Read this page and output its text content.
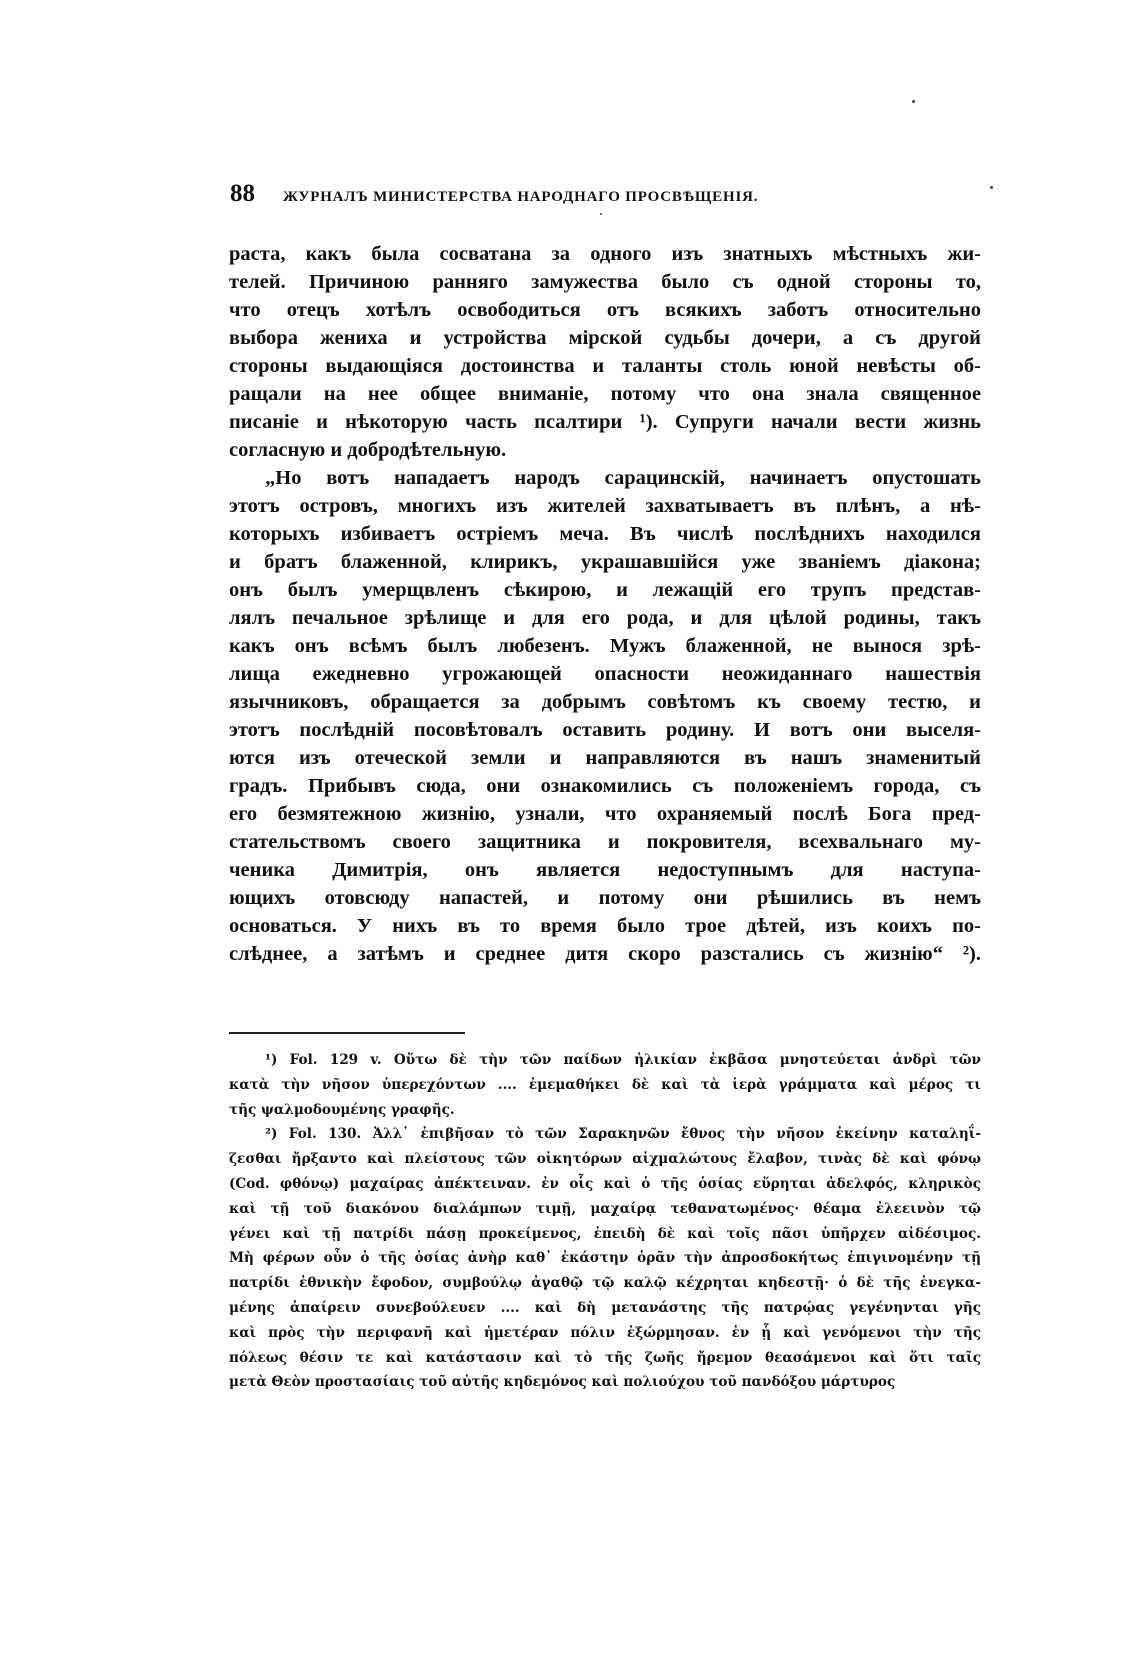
88 ЖУРНАЛЪ МИНИСТЕРСТВА НАРОДНАГО ПРОСВѢЩЕНІЯ.
раста, какъ была сосватана за одного изъ знатныхъ мѣстныхъ жи-
телей. Причиною ранняго замужества было съ одной стороны то,
что отецъ хотѣлъ освободиться отъ всякихъ заботъ относительно
выбора жениха и устройства мірской судьбы дочери, а съ другой
стороны выдающіяся достоинства и таланты столь юной невѣсты об-
ращали на нее общее вниманіе, потому что она знала священное
писаніе и нѣкоторую часть псалтири ¹). Супруги начали вести жизнь
согласную и добродѣтельную.
„Но вотъ нападаетъ народъ сарацинскій, начинаетъ опустошать
этотъ островъ, многихъ изъ жителей захватываетъ въ плѣнъ, а нѣ-
которыхъ избиваетъ остріемъ меча. Въ числѣ послѣднихъ находился
и братъ блаженной, клирикъ, украшавшійся уже званіемъ діакона;
онъ былъ умерщвленъ сѣкирою, и лежащій его трупъ представ-
лялъ печальное зрѣлище и для его рода, и для цѣлой родины, такъ
какъ онъ всѣмъ былъ любезенъ. Мужъ блаженной, не вынося зрѣ-
лища ежедневно угрожающей опасности неожиданнаго нашествія
язычниковъ, обращается за добрымъ совѣтомъ къ своему тестю, и
этотъ послѣдній посовѣтовалъ оставить родину. И вотъ они выселя-
ются изъ отеческой земли и направляются въ нашъ знаменитый
градъ. Прибывъ сюда, они ознакомились съ положеніемъ города, съ
его безмятежною жизнію, узнали, что охраняемый послѣ Бога пред-
стательствомъ своего защитника и покровителя, всехвальнаго му-
ченика Димитрія, онъ является недоступнымъ для наступа-
ющихъ отовсюду напастей, и потому они рѣшились въ немъ
основаться. У нихъ въ то время было трое дѣтей, изъ коихъ по-
слѣднее, а затѣмъ и среднее дитя скоро разстались съ жизнію“ ²).
¹) Fol. 129 v. Οὕτω δὲ τὴν τῶν παίδων ἡλικίαν ἐκβᾶσα μνηστεύεται ἀνδρὶ τῶν
κατὰ τὴν νῆσον ὑπερεχόντων .... ἐμεμαθήκει δὲ καὶ τὰ ἱερὰ γράμματα καὶ μέρος τι
τῆς ψαλμοδουμένης γραφῆς.
²) Fol. 130. Ἀλλ᾽ ἐπιβῆσαν τὸ τῶν Σαρακηνῶν ἔθνος τὴν νῆσον ἐκείνην καταληΐ-
ζεσθαι ἤρξαντο καὶ πλείστους τῶν οἰκητόρων αἰχμαλώτους ἔλαβον, τινὰς δὲ καὶ φόνῳ
(Cod. φθόνῳ) μαχαίρας ἀπέκτειναν. ἐν οἷς καὶ ὁ τῆς ὁσίας εὕρηται ἀδελφός, κληρικὸς
καὶ τῇ τοῦ διακόνου διαλάμπων τιμῇ, μαχαίρᾳ τεθανατωμένος· θέαμα ἐλεεινὸν τῷ
γένει καὶ τῇ πατρίδι πάσῃ προκείμενος, ἐπειδὴ δὲ καὶ τοῖς πᾶσι ὑπῆρχεν αἰδέσιμος.
Μὴ φέρων οὖν ὁ τῆς ὁσίας ἀνὴρ καθ᾽ ἑκάστην ὁρᾶν τὴν ἀπροσδοκήτως ἐπιγινομένην τῇ
πατρίδι ἐθνικὴν ἔφοδον, συμβούλῳ ἀγαθῷ τῷ καλῷ κέχρηται κηδεστῇ· ὁ δὲ τῆς ἐνεγκα-
μένης ἀπαίρειν συνεβούλευεν .... καὶ δὴ μετανάστης τῆς πατρῴας γεγένηνται γῆς
καὶ πρὸς τὴν περιφανῆ καὶ ἡμετέραν πόλιν ἐξώρμησαν. ἐν ᾗ καὶ γενόμενοι τὴν τῆς
πόλεως θέσιν τε καὶ κατάστασιν καὶ τὸ τῆς ζωῆς ἤρεμον θεασάμενοι καὶ ὅτι ταῖς
μετὰ Θεὸν προστασίαις τοῦ αὐτῆς κηδεμόνος καὶ πολιούχου τοῦ πανδόξου μάρτυρος
